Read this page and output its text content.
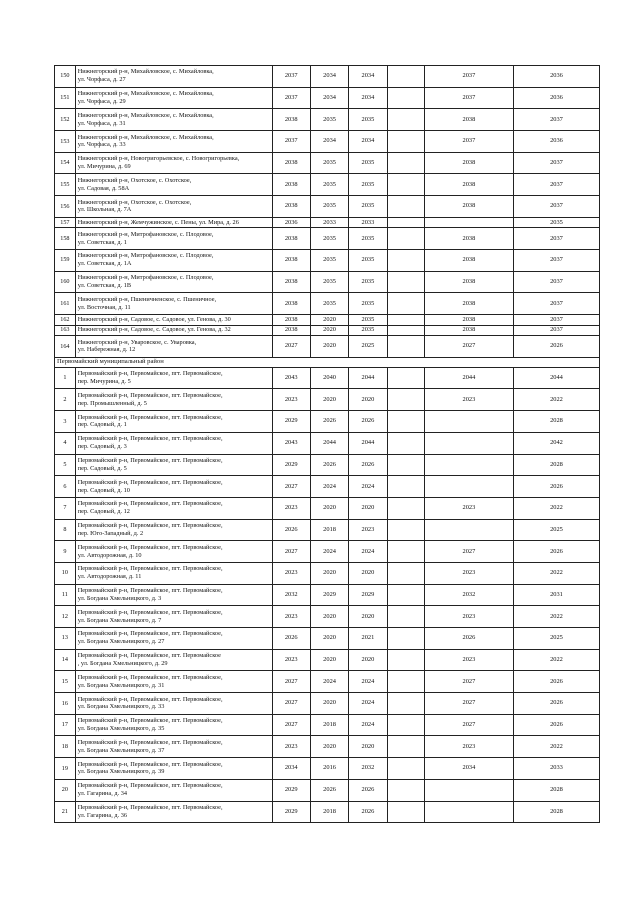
150	Нижнегорский р-н, Михайловское, с. Михайловка,
ул. Чорфаса, д. 27	2037	2034	2034		2037	2036
151	Нижнегорский р-н, Михайловское, с. Михайловка,
ул. Чорфаса, д. 29	2037	2034	2034		2037	2036
152	Нижнегорский р-н, Михайловское, с. Михайловка,
ул. Чорфаса, д. 31	2038	2035	2035		2038	2037
153	Нижнегорский р-н, Михайловское, с. Михайловка,
ул. Чорфаса, д. 33	2037	2034	2034		2037	2036
154	Нижнегорский р-н, Новогригорьевское, с. Новогригорьевка,
ул. Мичурина, д. 69	2038	2035	2035		2038	2037
155	Нижнегорский р-н, Охотское, с. Охотское,
ул. Садовая, д. 58А	2038	2035	2035		2038	2037
156	Нижнегорский р-н, Охотское, с. Охотское,
ул. Школьная, д. 7А	2038	2035	2035		2038	2037
157	Нижнегорский р-н, Жемчужинское, с. Пены, ул. Мира, д. 26	2036	2033	2033			2035
158	Нижнегорский р-н, Митрофановское, с. Плодовое,
ул. Советская, д. 1	2038	2035	2035		2038	2037
159	Нижнегорский р-н, Митрофановское, с. Плодовое,
ул. Советская, д. 1А	2038	2035	2035		2038	2037
160	Нижнегорский р-н, Митрофановское, с. Плодовое,
ул. Советская, д. 1В	2038	2035	2035		2038	2037
161	Нижнегорский р-н, Пшеничненское, с. Пшеничное,
ул. Восточная, д. 11	2038	2035	2035		2038	2037
162	Нижнегорский р-н, Садовое, с. Садовое, ул. Генова, д. 30	2038	2020	2035		2038	2037
163	Нижнегорский р-н, Садовое, с. Садовое, ул. Генова, д. 32	2038	2020	2035		2038	2037
164	Нижнегорский р-н, Уваровское, с. Уваровка,
ул. Набережная, д. 12	2027	2020	2025		2027	2026
Первомайский муниципальный район							
1	Первомайский р-н, Первомайское, пгт. Первомайское,
пер. Мичурина, д. 5	2043	2040	2044		2044	2044
2	Первомайский р-н, Первомайское, пгт. Первомайское,
пер. Промышленный, д. 5	2023	2020	2020		2023	2022
3	Первомайский р-н, Первомайское, пгт. Первомайское,
пер. Садовый, д. 1	2029	2026	2026			2028
4	Первомайский р-н, Первомайское, пгт. Первомайское,
пер. Садовый, д. 3	2043	2044	2044			2042
5	Первомайский р-н, Первомайское, пгт. Первомайское,
пер. Садовый, д. 5	2029	2026	2026			2028
6	Первомайский р-н, Первомайское, пгт. Первомайское,
пер. Садовый, д. 10	2027	2024	2024			2026
7	Первомайский р-н, Первомайское, пгт. Первомайское,
пер. Садовый, д. 12	2023	2020	2020		2023	2022
8	Первомайский р-н, Первомайское, пгт. Первомайское,
пер. Юго-Западный, д. 2	2026	2018	2023			2025
9	Первомайский р-н, Первомайское, пгт. Первомайское,
ул. Автодорожная, д. 10	2027	2024	2024		2027	2026
10	Первомайский р-н, Первомайское, пгт. Первомайское,
ул. Автодорожная, д. 11	2023	2020	2020		2023	2022
11	Первомайский р-н, Первомайское, пгт. Первомайское,
ул. Богдана Хмельницкого, д. 3	2032	2029	2029		2032	2031
12	Первомайский р-н, Первомайское, пгт. Первомайское,
ул. Богдана Хмельницкого, д. 7	2023	2020	2020		2023	2022
13	Первомайский р-н, Первомайское, пгт. Первомайское,
ул. Богдана Хмельницкого, д. 27	2026	2020	2021		2026	2025
14	Первомайский р-н, Первомайское, пгт. Первомайское
, ул. Богдана Хмельницкого, д. 29	2023	2020	2020		2023	2022
15	Первомайский р-н, Первомайское, пгт. Первомайское,
ул. Богдана Хмельницкого, д. 31	2027	2024	2024		2027	2026
16	Первомайский р-н, Первомайское, пгт. Первомайское,
ул. Богдана Хмельницкого, д. 33	2027	2020	2024		2027	2026
17	Первомайский р-н, Первомайское, пгт. Первомайское,
ул. Богдана Хмельницкого, д. 35	2027	2018	2024		2027	2026
18	Первомайский р-н, Первомайское, пгт. Первомайское,
ул. Богдана Хмельницкого, д. 37	2023	2020	2020		2023	2022
19	Первомайский р-н, Первомайское, пгт. Первомайское,
ул. Богдана Хмельницкого, д. 39	2034	2016	2032		2034	2033
20	Первомайский р-н, Первомайское, пгт. Первомайское,
ул. Гагарина, д. 34	2029	2026	2026			2028
21	Первомайский р-н, Первомайское, пгт. Первомайское,
ул. Гагарина, д. 36	2029	2018	2026			2028
